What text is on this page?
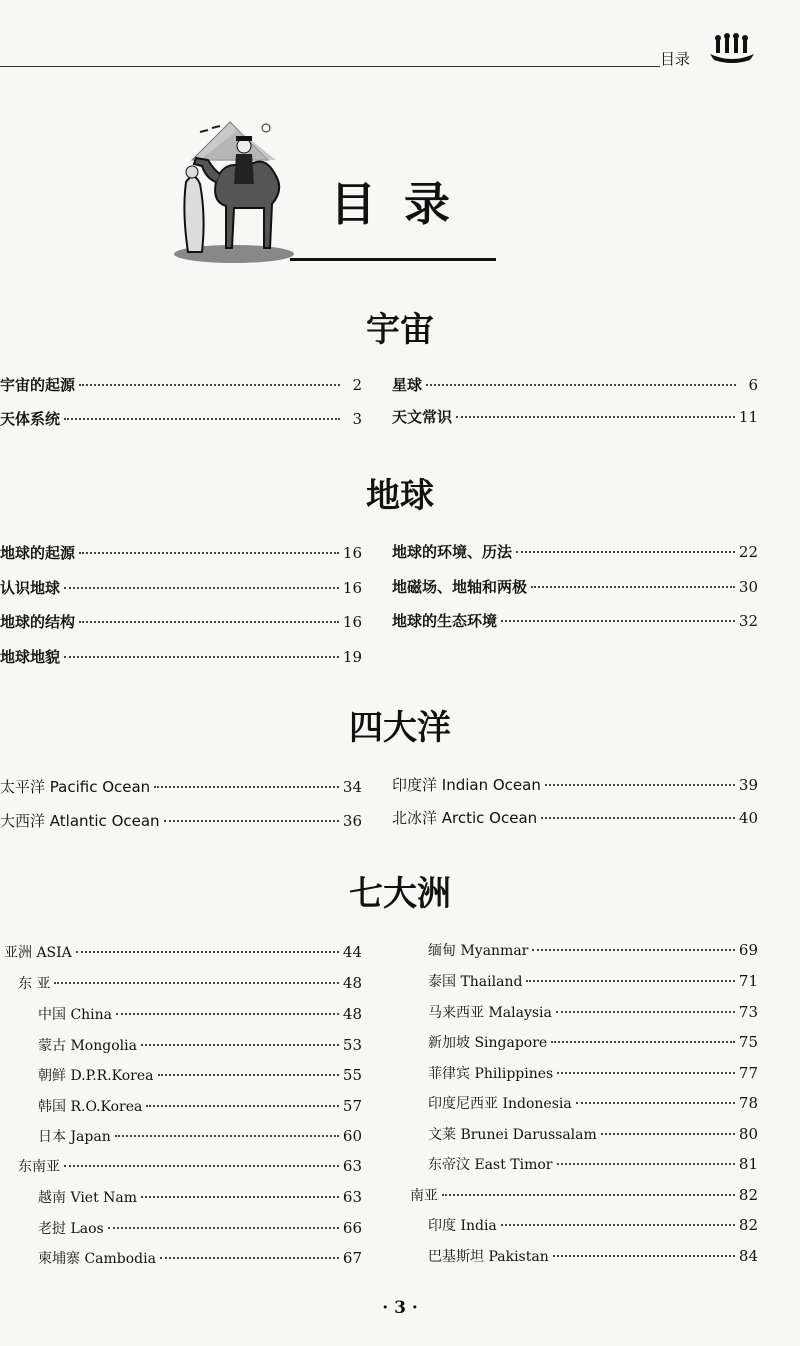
目录
目录
宇宙
宇宙的起源	2
天体系统	3
星球	6
天文常识	11
地球
地球的起源	16
认识地球	16
地球的结构	16
地球地貌	19
地球的环境、历法	22
地磁场、地轴和两极	30
地球的生态环境	32
四大洋
太平洋 Pacific Ocean	34
大西洋 Atlantic Ocean	36
印度洋 Indian Ocean	39
北冰洋 Arctic Ocean	40
七大洲
亚洲 ASIA	44
东 亚	48
中国 China	48
蒙古 Mongolia	53
朝鲜 D.P.R.Korea	55
韩国 R.O.Korea	57
日本 Japan	60
东南亚	63
越南 Viet Nam	63
老挝 Laos	66
柬埔寨 Cambodia	67
缅甸 Myanmar	69
泰国 Thailand	71
马来西亚 Malaysia	73
新加坡 Singapore	75
菲律宾 Philippines	77
印度尼西亚 Indonesia	78
文莱 Brunei Darussalam	80
东帝汶 East Timor	81
南亚	82
印度 India	82
巴基斯坦 Pakistan	84
· 3 ·
